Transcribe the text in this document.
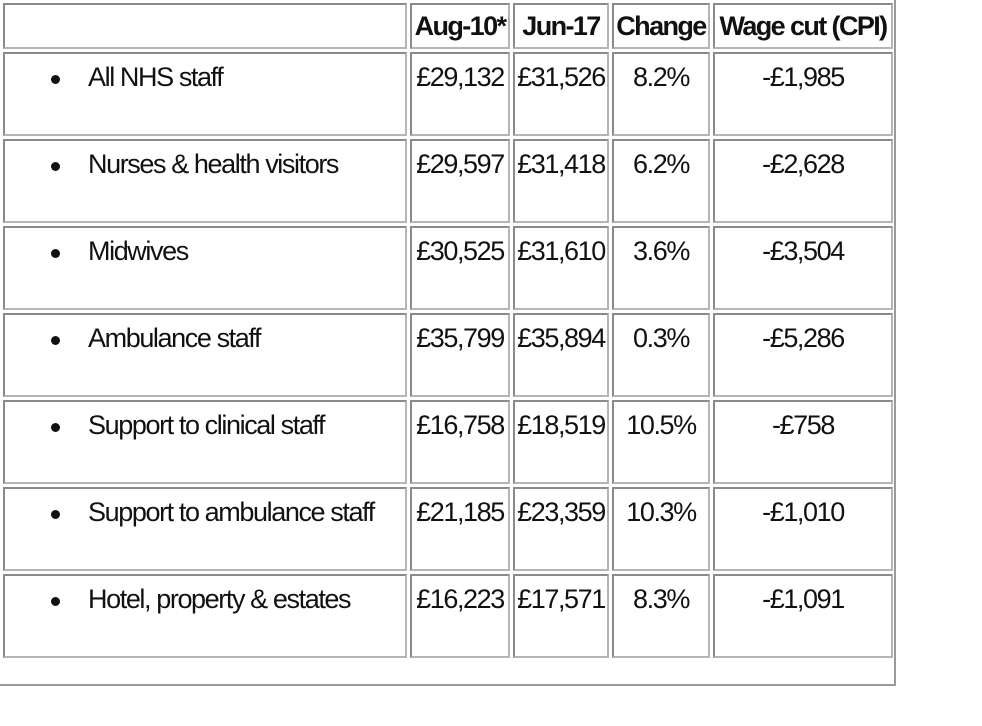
	Aug-10*	Jun-17	Change	Wage cut (CPI)

All NHS staff	£29,132	£31,526	8.2%	-£1,985

Nurses & health visitors	£29,597	£31,418	6.2%	-£2,628

Midwives	£30,525	£31,610	3.6%	-£3,504

Ambulance staff	£35,799	£35,894	0.3%	-£5,286

Support to clinical staff	£16,758	£18,519	10.5%	-£758

Support to ambulance staff	£21,185	£23,359	10.3%	-£1,010

Hotel, property & estates	£16,223	£17,571	8.3%	-£1,091
